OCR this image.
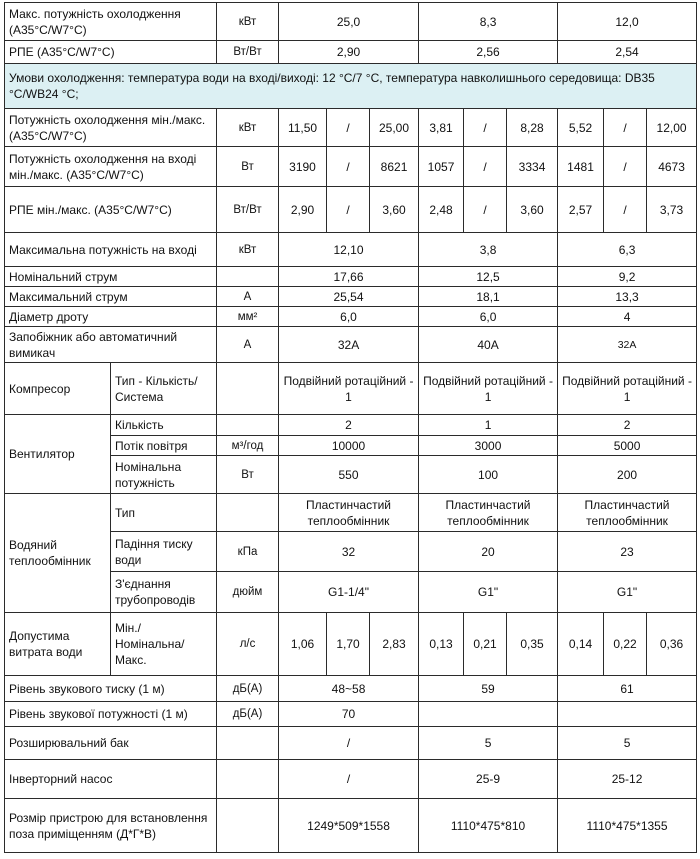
Макс. потужність охолодження (A35°C/W7°C)		кВт	25,0			8,3			12,0		
РПЕ (A35°C/W7°C)		Вт/Вт	2,90			2,56			2,54		
Умови охолодження: температура води на вході/виході: 12 °C/7 °C, температура навколишнього середовища: DB35 °C/WB24 °C;											
Потужність охолодження мін./макс. (A35°C/W7°C)		кВт	11,50	/	25,00	3,81	/	8,28	5,52	/	12,00
Потужність охолодження на вході мін./макс. (A35°C/W7°C)		Вт	3190	/	8621	1057	/	3334	1481	/	4673
РПЕ мін./макс. (A35°C/W7°C)		Вт/Вт	2,90	/	3,60	2,48	/	3,60	2,57	/	3,73
Максимальна потужність на вході		кВт	12,10			3,8			6,3		
Номінальний струм			17,66			12,5			9,2		
Максимальний струм		A	25,54			18,1			13,3		
Діаметр дроту		мм²	6,0			6,0			4		
Запобіжник або автоматичний вимикач		A	32A			40A			32A		
Компресор	Тип - Кількість/ Система		Подвійний ротаційний - 1			Подвійний ротаційний - 1			Подвійний ротаційний - 1		
Вентилятор	Кількість		2			1			2		
	Потік повітря	м³/год	10000			3000			5000		
	Номінальна потужність	Вт	550			100			200		
Водяний теплообмінник	Тип		Пластинчастий теплообмінник			Пластинчастий теплообмінник			Пластинчастий теплообмінник		
	Падіння тиску води	кПа	32			20			23		
	З'єднання трубопроводів	дюйм	G1-1/4"			G1"			G1"		
Допустима витрата води	Мін./ Номінальна/ Макс.	л/с	1,06	1,70	2,83	0,13	0,21	0,35	0,14	0,22	0,36
Рівень звукового тиску (1 м)		дБ(А)	48~58			59			61		
Рівень звукової потужності (1 м)		дБ(А)	70								
Розширювальний бак			/			5			5		
Інверторний насос			/			25-9			25-12		
Розмір пристрою для встановлення поза приміщенням (Д*Г*В)			1249*509*1558			1110*475*810			1110*475*1355		
